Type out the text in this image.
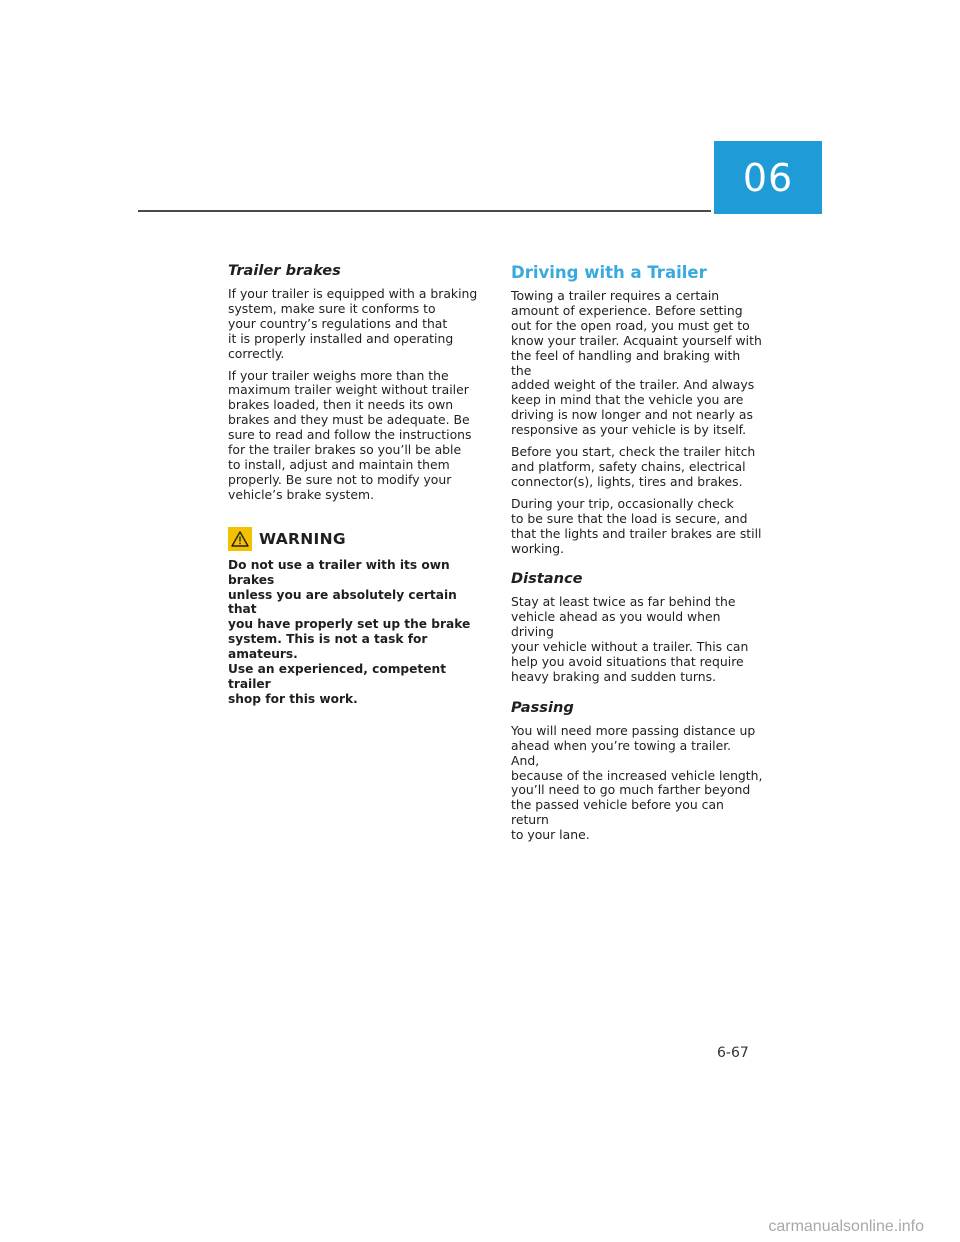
06
Trailer brakes

If your trailer is equipped with a braking
system, make sure it conforms to
your country’s regulations and that
it is properly installed and operating
correctly.

If your trailer weighs more than the
maximum trailer weight without trailer
brakes loaded, then it needs its own
brakes and they must be adequate. Be
sure to read and follow the instructions
for the trailer brakes so you’ll be able
to install, adjust and maintain them
properly. Be sure not to modify your
vehicle’s brake system.

WARNING

Do not use a trailer with its own brakes
unless you are absolutely certain that
you have properly set up the brake
system. This is not a task for amateurs.
Use an experienced, competent trailer
shop for this work.

Driving with a Trailer

Towing a trailer requires a certain
amount of experience. Before setting
out for the open road, you must get to
know your trailer. Acquaint yourself with
the feel of handling and braking with the
added weight of the trailer. And always
keep in mind that the vehicle you are
driving is now longer and not nearly as
responsive as your vehicle is by itself.

Before you start, check the trailer hitch
and platform, safety chains, electrical
connector(s), lights, tires and brakes.

During your trip, occasionally check
to be sure that the load is secure, and
that the lights and trailer brakes are still
working.

Distance

Stay at least twice as far behind the
vehicle ahead as you would when driving
your vehicle without a trailer. This can
help you avoid situations that require
heavy braking and sudden turns.

Passing

You will need more passing distance up
ahead when you’re towing a trailer. And,
because of the increased vehicle length,
you’ll need to go much farther beyond
the passed vehicle before you can return
to your lane.

6-67
carmanualsonline.info
